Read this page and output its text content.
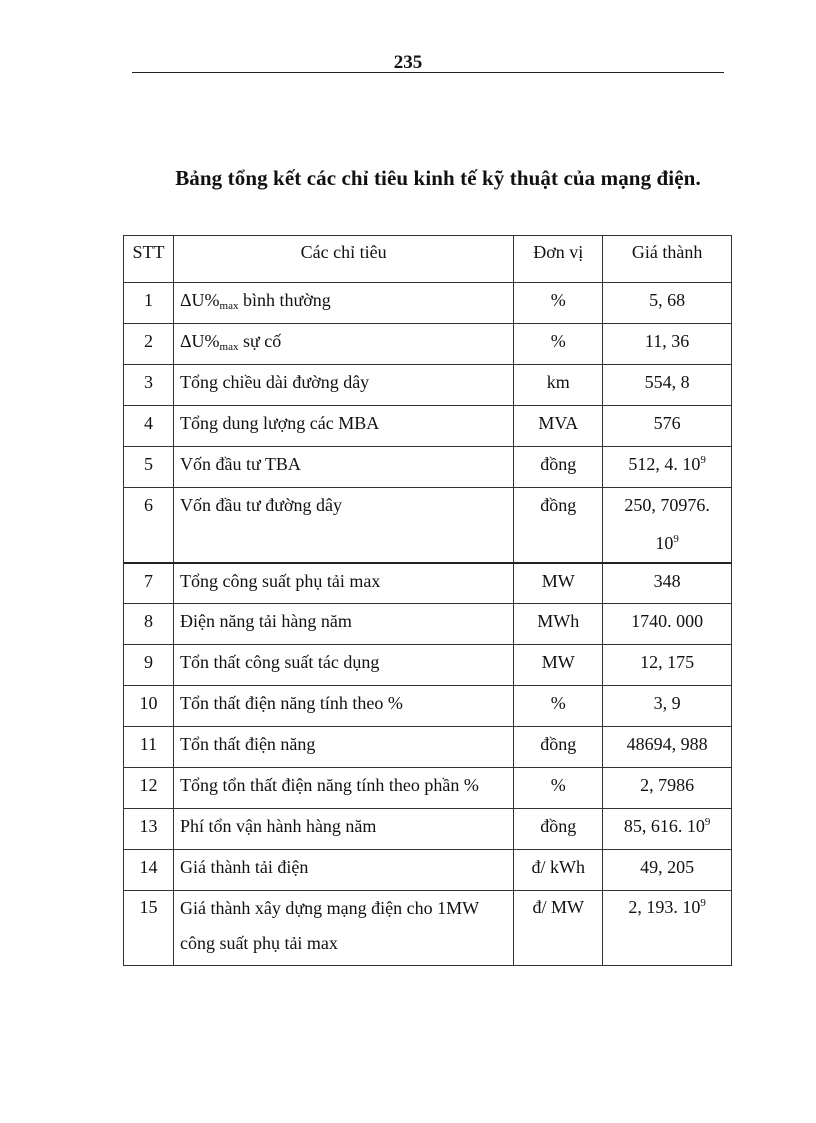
235
Bảng tổng kết các chỉ tiêu kinh tế kỹ thuật của mạng điện.
STT	Các chỉ tiêu	Đơn vị	Giá thành
1	$\Delta U\%_{max}$ bình thường	%	5, 68
2	$\Delta U\%_{max}$ sự cố	%	11, 36
3	Tổng chiều dài đường dây	km	554, 8
4	Tổng dung lượng các MBA	MVA	576
5	Vốn đầu tư TBA	đồng	512, 4. $10^9$
6	Vốn đầu tư đường dây	đồng	250, 70976.
$10^9$
7	Tổng công suất phụ tải max	MW	348
8	Điện năng tải hàng năm	MWh	1740. 000
9	Tổn thất công suất tác dụng	MW	12, 175
10	Tổn thất điện năng tính theo %	%	3, 9
11	Tổn thất điện năng	đồng	48694, 988
12	Tổng tổn thất điện năng tính theo phần %	%	2, 7986
13	Phí tổn vận hành hàng năm	đồng	85, 616. $10^9$
14	Giá thành tải điện	đ/ kWh	49, 205
15	Giá thành xây dựng mạng điện cho 1MW
công suất phụ tải max	đ/ MW	2, 193. $10^9$
